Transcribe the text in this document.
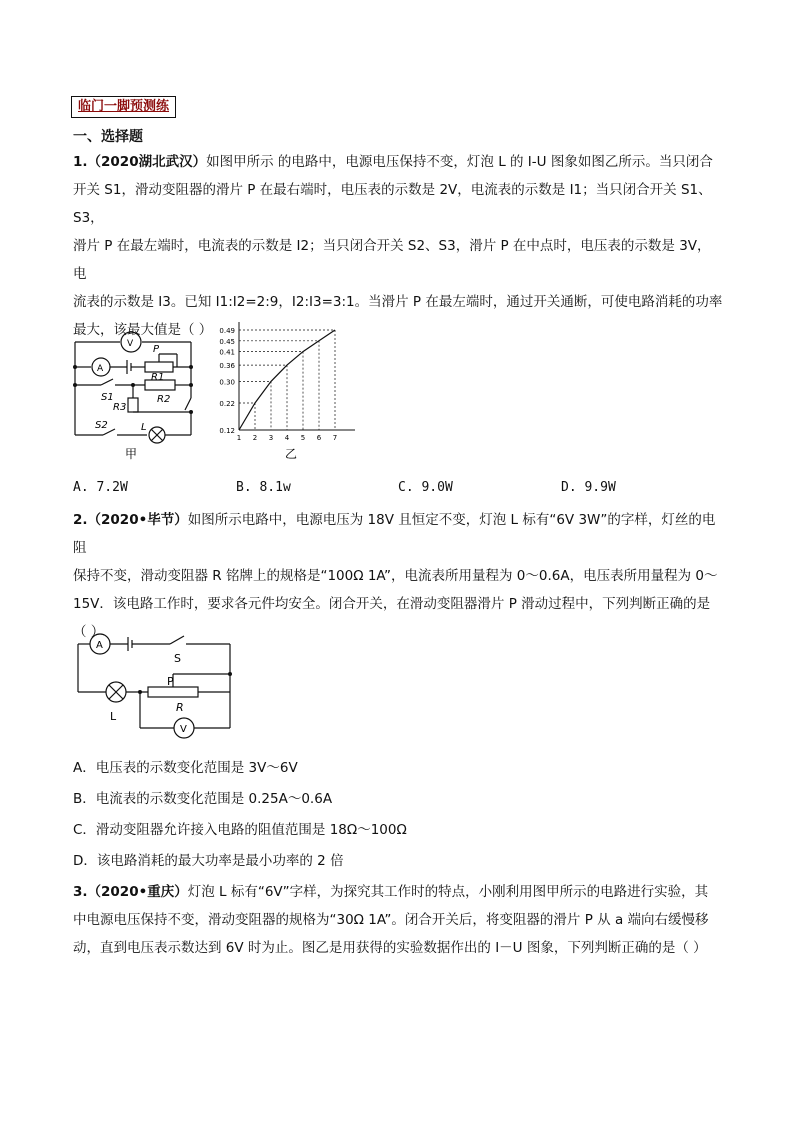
临门一脚预测练
一、选择题
1.（2020湖北武汉）如图甲所示 的电路中，电源电压保持不变，灯泡 L 的 I-U 图象如图乙所示。当只闭合
开关 S1，滑动变阻器的滑片 P 在最右端时，电压表的示数是 2V，电流表的示数是 I1；当只闭合开关 S1、S3，
滑片 P 在最左端时，电流表的示数是 I2；当只闭合开关 S2、S3，滑片 P 在中点时，电压表的示数是 3V，电
流表的示数是 I3。已知 I1:I2=2:9，I2:I3=3:1。当滑片 P 在最左端时，通过开关通断，可使电路消耗的功率
最大，该最大值是（ ）
V
A
P
R1
R2
R3
S1
S2	L
甲
0.49
0.45
0.41
0.36
0.30
0.22
0.12
1 2 3 4 5 6 7
乙
A. 7.2W	B. 8.1w	C. 9.0W	D. 9.9W
2.（2020•毕节）如图所示电路中，电源电压为 18V 且恒定不变，灯泡 L 标有“6V 3W”的字样，灯丝的电阻
保持不变，滑动变阻器 R 铭牌上的规格是“100Ω 1A”，电流表所用量程为 0～0.6A，电压表所用量程为 0～
15V．该电路工作时，要求各元件均安全。闭合开关，在滑动变阻器滑片 P 滑动过程中，下列判断正确的是
（ ）
A
S
P
R
L
V
A．电压表的示数变化范围是 3V～6V
B．电流表的示数变化范围是 0.25A～0.6A
C．滑动变阻器允许接入电路的阻值范围是 18Ω～100Ω
D．该电路消耗的最大功率是最小功率的 2 倍
3.（2020•重庆）灯泡 L 标有“6V”字样，为探究其工作时的特点，小刚利用图甲所示的电路进行实验，其
中电源电压保持不变，滑动变阻器的规格为“30Ω 1A”。闭合开关后，将变阻器的滑片 P 从 a 端向右缓慢移
动，直到电压表示数达到 6V 时为止。图乙是用获得的实验数据作出的 I－U 图象，下列判断正确的是（ ）
